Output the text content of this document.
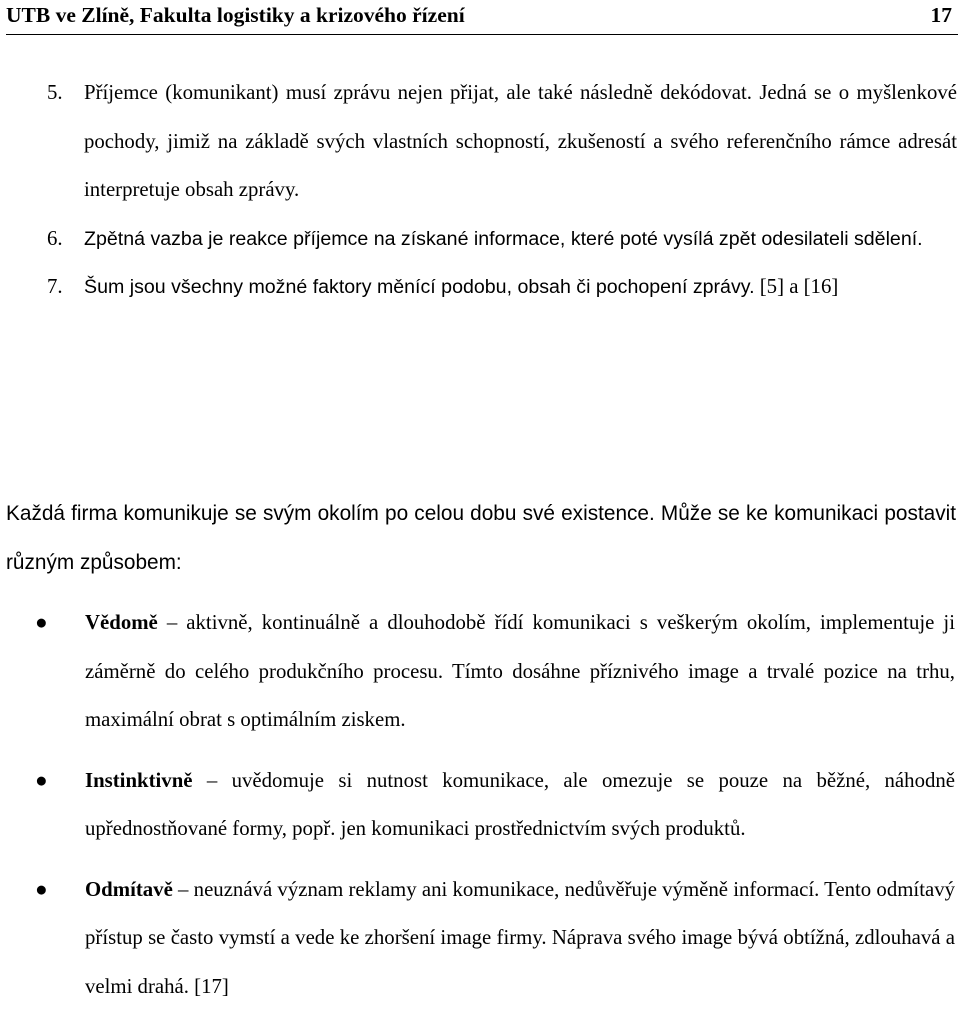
UTB ve Zlíně, Fakulta logistiky a krizového řízení	17
5.	Příjemce (komunikant) musí zprávu nejen přijat, ale také následně dekódovat. Jedná se o myšlenkové pochody, jimiž na základě svých vlastních schopností, zkušeností a svého referenčního rámce adresát interpretuje obsah zprávy.
6.	Zpětná vazba je reakce příjemce na získané informace, které poté vysílá zpět odesilateli sdělení.
7.	Šum jsou všechny možné faktory měnící podobu, obsah či pochopení zprávy. [5] a [16]
Každá firma komunikuje se svým okolím po celou dobu své existence. Může se ke komunikaci postavit různým způsobem:
●	Vědomě – aktivně, kontinuálně a dlouhodobě řídí komunikaci s veškerým okolím, implementuje ji záměrně do celého produkčního procesu. Tímto dosáhne příznivého image a trvalé pozice na trhu, maximální obrat s optimálním ziskem.
●	Instinktivně – uvědomuje si nutnost komunikace, ale omezuje se pouze na běžné, náhodně upřednostňované formy, popř. jen komunikaci prostřednictvím svých produktů.
●	Odmítavě – neuznává význam reklamy ani komunikace, nedůvěřuje výměně informací. Tento odmítavý přístup se často vymstí a vede ke zhoršení image firmy. Náprava svého image bývá obtížná, zdlouhavá a velmi drahá. [17]
